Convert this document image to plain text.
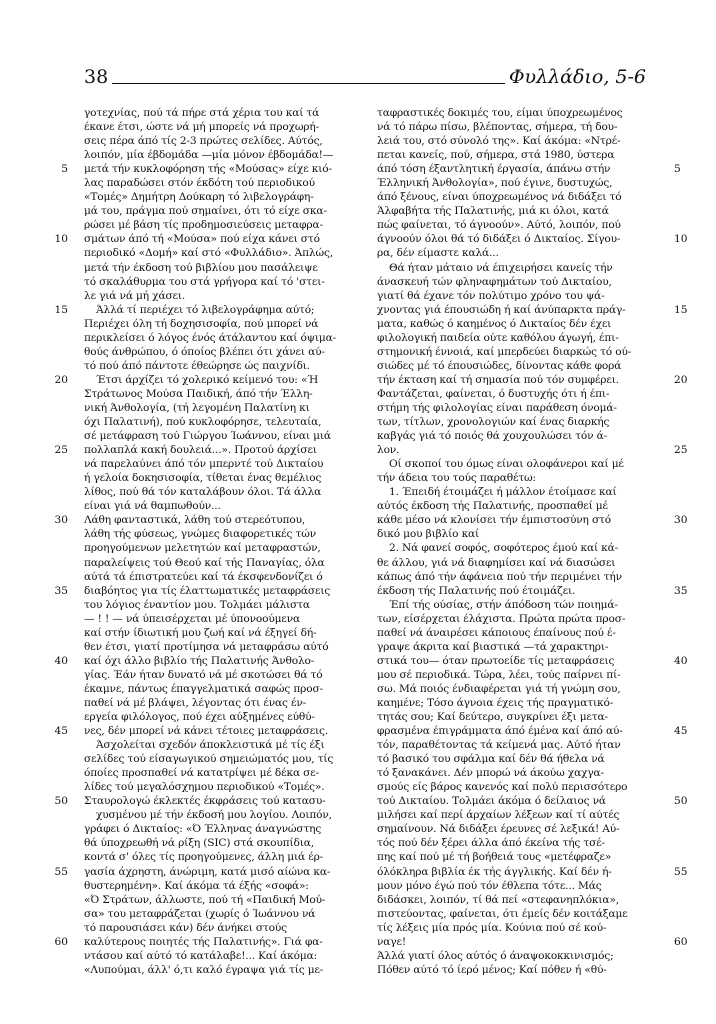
38	Φυλλάδιο, 5-6
γοτεχνίας, πού τά πήρε στά χέρια του καί τά
έκανε έτσι, ώστε νά μή μπορείς νά προχωρή-
σεις πέρα άπό τίς 2-3 πρώτες σελίδες. Αύτός,
λοιπόν, μία έβδομάδα —μία μόνον έβδομάδα!—
μετά τήν κυκλοφόρηση τής «Μούσας» είχε κιό-
λας παραδώσει στόν έκδότη τού περιοδικού
«Τομές» Δημήτρη Δούκαρη τό λιβελογράφη-
μά του, πράγμα πού σημαίνει, ότι τό είχε σκα-
ρώσει μέ βάση τίς προδημοσιεύσεις μεταφρα-
σμάτων άπό τή «Μούσα» πού είχα κάνει στό
περιοδικό «Δομή» καί στό «Φυλλάδιο». Άπλώς,
μετά τήν έκδοση τού βιβλίου μου πασάλειψε
τό σκαλάθυρμα του στά γρήγορα καί τό 'στει-
λε γιά νά μή χάσει.
Άλλά τί περιέχει τό λιβελογράφημα αύτό;
Περιέχει όλη τή δοχησισοφία, πού μπορεί νά
περικλείσει ό λόγος ένός άτάλαντου καί όψιμα-
θούς άνθρώπου, ό όποίος βλέπει ότι χάνει αύ-
τό πού άπό πάντοτε έθεώρησε ώς παιχνίδι.
Έτσι άρχίζει τό χολερικό κείμενό του: «Ή
Στράτωνος Μούσα Παιδική, άπό τήν Έλλη-
νική Άνθολογία, (τή λεγομένη Παλατίνη κι
όχι Παλατινή), πού κυκλοφόρησε, τελευταία,
σέ μετάφραση τού Γιώργου Ίωάννου, είναι μιά
πολλαπλά κακή δουλειά...». Προτού άρχίσει
νά παρελαύνει άπό τόν μπερντέ τού Δικταίου
ή γελοία δοκησισοφία, τίθεται ένας θεμέλιος
λίθος, πού θά τόν καταλάβουν όλοι. Τά άλλα
είναι γιά νά θαμπωθούν...
Λάθη φανταστικά, λάθη τού στερεότυπου,
λάθη τής φύσεως, γνώμες διαφορετικές τών
προηγούμενων μελετητών καί μεταφραστών,
παραλείψεις τού Θεού καί τής Παναγίας, όλα
αύτά τά έπιστρατεύει καί τά έκσφενδονίζει ό
διαβόητος για τίς έλαττωματικές μεταφράσεις
του λόγιος έναντίον μου. Τολμάει μάλιστα
— ! ! — νά ύπεισέρχεται μέ ύπονοούμενα
καί στήν ίδιωτική μου ζωή καί νά έξηγεί δή-
θεν έτσι, γιατί προτίμησα νά μεταφράσω αύτό
καί όχι άλλο βιβλίο τής Παλατινής Άνθολο-
γίας. Έάν ήταν δυνατό νά μέ σκοτώσει θά τό
έκαμνε, πάντως έπαγγελματικά σαφώς προσ-
παθεί νά μέ βλάψει, λέγοντας ότι ένας έν-
εργεία φιλόλογος, πού έχει αύξημένες εύθύ-
νες, δέν μπορεί νά κάνει τέτοιες μεταφράσεις.
Άσχολείται σχεδόν άποκλειστικά μέ τίς έξι
σελίδες τού είσαγωγικού σημειώματός μου, τίς
όποίες προσπαθεί νά κατατρίψει μέ δέκα σε-
λίδες τού μεγαλόσχημου περιοδικού «Τομές».
Σταυρολογώ έκλεκτές έκφράσεις τού κατασυ-
χυσμένου μέ τήν έκδοσή μου λογίου. Λοιπόν,
γράφει ό Δικταίος: «Ό Έλληνας άναγνώστης
θά ύποχρεωθή νά ρίξη (SIC) στά σκουπίδια,
κοντά σ' όλες τίς προηγούμενες, άλλη μιά έρ-
γασία άχρηστη, άνώριμη, κατά μισό αίώνα κα-
θυστερημένη». Καί άκόμα τά έξής «σοφά»:
«Ό Στράτων, άλλωστε, πού τή «Παιδική Μού-
σα» του μεταφράζεται (χωρίς ό Ίωάννου νά
τό παρουσιάσει κάν) δέν άνήκει στούς
καλύτερους ποιητές τής Παλατινής». Γιά φα-
ντάσου καί αύτό τό κατάλαβε!... Καί άκόμα:
«Λυπούμαι, άλλ' ό,τι καλό έγραψα γιά τίς με-
ταφραστικές δοκιμές του, είμαι ύποχρεωμένος
νά τό πάρω πίσω, βλέποντας, σήμερα, τή δου-
λειά του, στό σύνολό της». Καί άκόμα: «Ντρέ-
πεται κανείς, πού, σήμερα, στά 1980, ύστερα
άπό τόση έξαντλητική έργασία, άπάνω στήν
Έλληνική Άνθολογία», πού έγινε, δυστυχώς,
άπό ξένους, είναι ύποχρεωμένος νά διδάξει τό
Άλφαβήτα τής Παλατινής, μιά κι όλοι, κατά
πώς φαίνεται, τό άγνοούν». Αύτό, λοιπόν, πού
άγνοούν όλοι θά τό διδάξει ό Δικταίος. Σίγου-
ρα, δέν είμαστε καλά...
Θά ήταν μάταιο νά έπιχειρήσει κανείς τήν
άνασκευή τών φληναφημάτων τού Δικταίου,
γιατί θά έχανε τόν πολύτιμο χρόνο του ψά-
χνοντας γιά έπουσιώδη ή καί άνύπαρκτα πράγ-
ματα, καθώς ό καημένος ό Δικταίος δέν έχει
φιλολογική παιδεία ούτε καθόλου άγωγή, έπι-
στημονική έννοιά, καί μπερδεύει διαρκώς τό ού-
σιώδες μέ τό έπουσιώδες, δίνοντας κάθε φορά
τήν έκταση καί τή σημασία πού τόν συμφέρει.
Φαντάζεται, φαίνεται, ό δυστυχής ότι ή έπι-
στήμη τής φιλολογίας είναι παράθεση όνομά-
των, τίτλων, χρονολογιών καί ένας διαρκής
καβγάς γιά τό ποιός θά χουχουλώσει τόν ά-
λον.
Οί σκοποί του όμως είναι ολοφάνεροι καί μέ
τήν άδεια του τούς παραθέτω:
1. Έπειδή έτοιμάζει ή μάλλον έτοίμασε καί
αύτός έκδοση τής Παλατινής, προσπαθεί μέ
κάθε μέσο νά κλονίσει τήν έμπιστοσύνη στό
δικό μου βιβλίο καί
2. Νά φανεί σοφός, σοφότερος έμού καί κά-
θε άλλου, γιά νά διαφημίσει καί νά διασώσει
κάπως άπό τήν άφάνεια πού τήν περιμένει τήν
έκδοση τής Παλατινής πού έτοιμάζει.
Έπί τής ούσίας, στήν άπόδοση τών ποιημά-
των, είσέρχεται έλάχιστα. Πρώτα πρώτα προσ-
παθεί νά άναιρέσει κάποιους έπαίνους πού έ-
γραψε άκριτα καί βιαστικά —τά χαρακτηρι-
στικά του— όταν πρωτοείδε τίς μεταφράσεις
μου σέ περιοδικά. Τώρα, λέει, τούς παίρνει πί-
σω. Μά ποιός ένδιαφέρεται γιά τή γνώμη σου,
καημένε; Τόσο άγνοια έχεις τής πραγματικό-
τητάς σου; Καί δεύτερο, συγκρίνει έξι μετα-
φρασμένα έπιγράμματα άπό έμένα καί άπό αύ-
τόν, παραθέτοντας τά κείμενά μας. Αύτό ήταν
τό βασικό του σφάλμα καί δέν θά ήθελα νά
τό ξανακάνει. Δέν μπορώ νά άκούω χαχγα-
σμούς είς βάρος κανενός καί πολύ περισσότερο
τού Δικταίου. Τολμάει άκόμα ό δείλαιος νά
μιλήσει καί περί άρχαίων λέξεων καί τί αύτές
σημαίνουν. Νά διδάξει έρευνες σέ λεξικά! Αύ-
τός πού δέν ξέρει άλλα άπό έκείνα τής τσέ-
πης καί πού μέ τή βοήθειά τους «μετέφραζε»
όλόκληρα βιβλία έκ τής άγγλικής. Καί δέν ή-
μουν μόνο έγώ πού τόν έθλεπα τότε... Μάς
διδάσκει, λοιπόν, τί θά πεί «στεφανηπλόκια»,
πιστεύοντας, φαίνεται, ότι έμείς δέν κοιτάξαμε
τίς λέξεις μία πρός μία. Κούνια πού σέ κού-
ναγε!
Άλλά γιατί όλος αύτός ό άναψοκοκκινισμός;
Πόθεν αύτό τό ίερό μένος; Καί πόθεν ή «θύ-
5
10
15
20
25
30
35
40
45
50
55
60
5
10
15
20
25
30
35
40
45
50
55
60
